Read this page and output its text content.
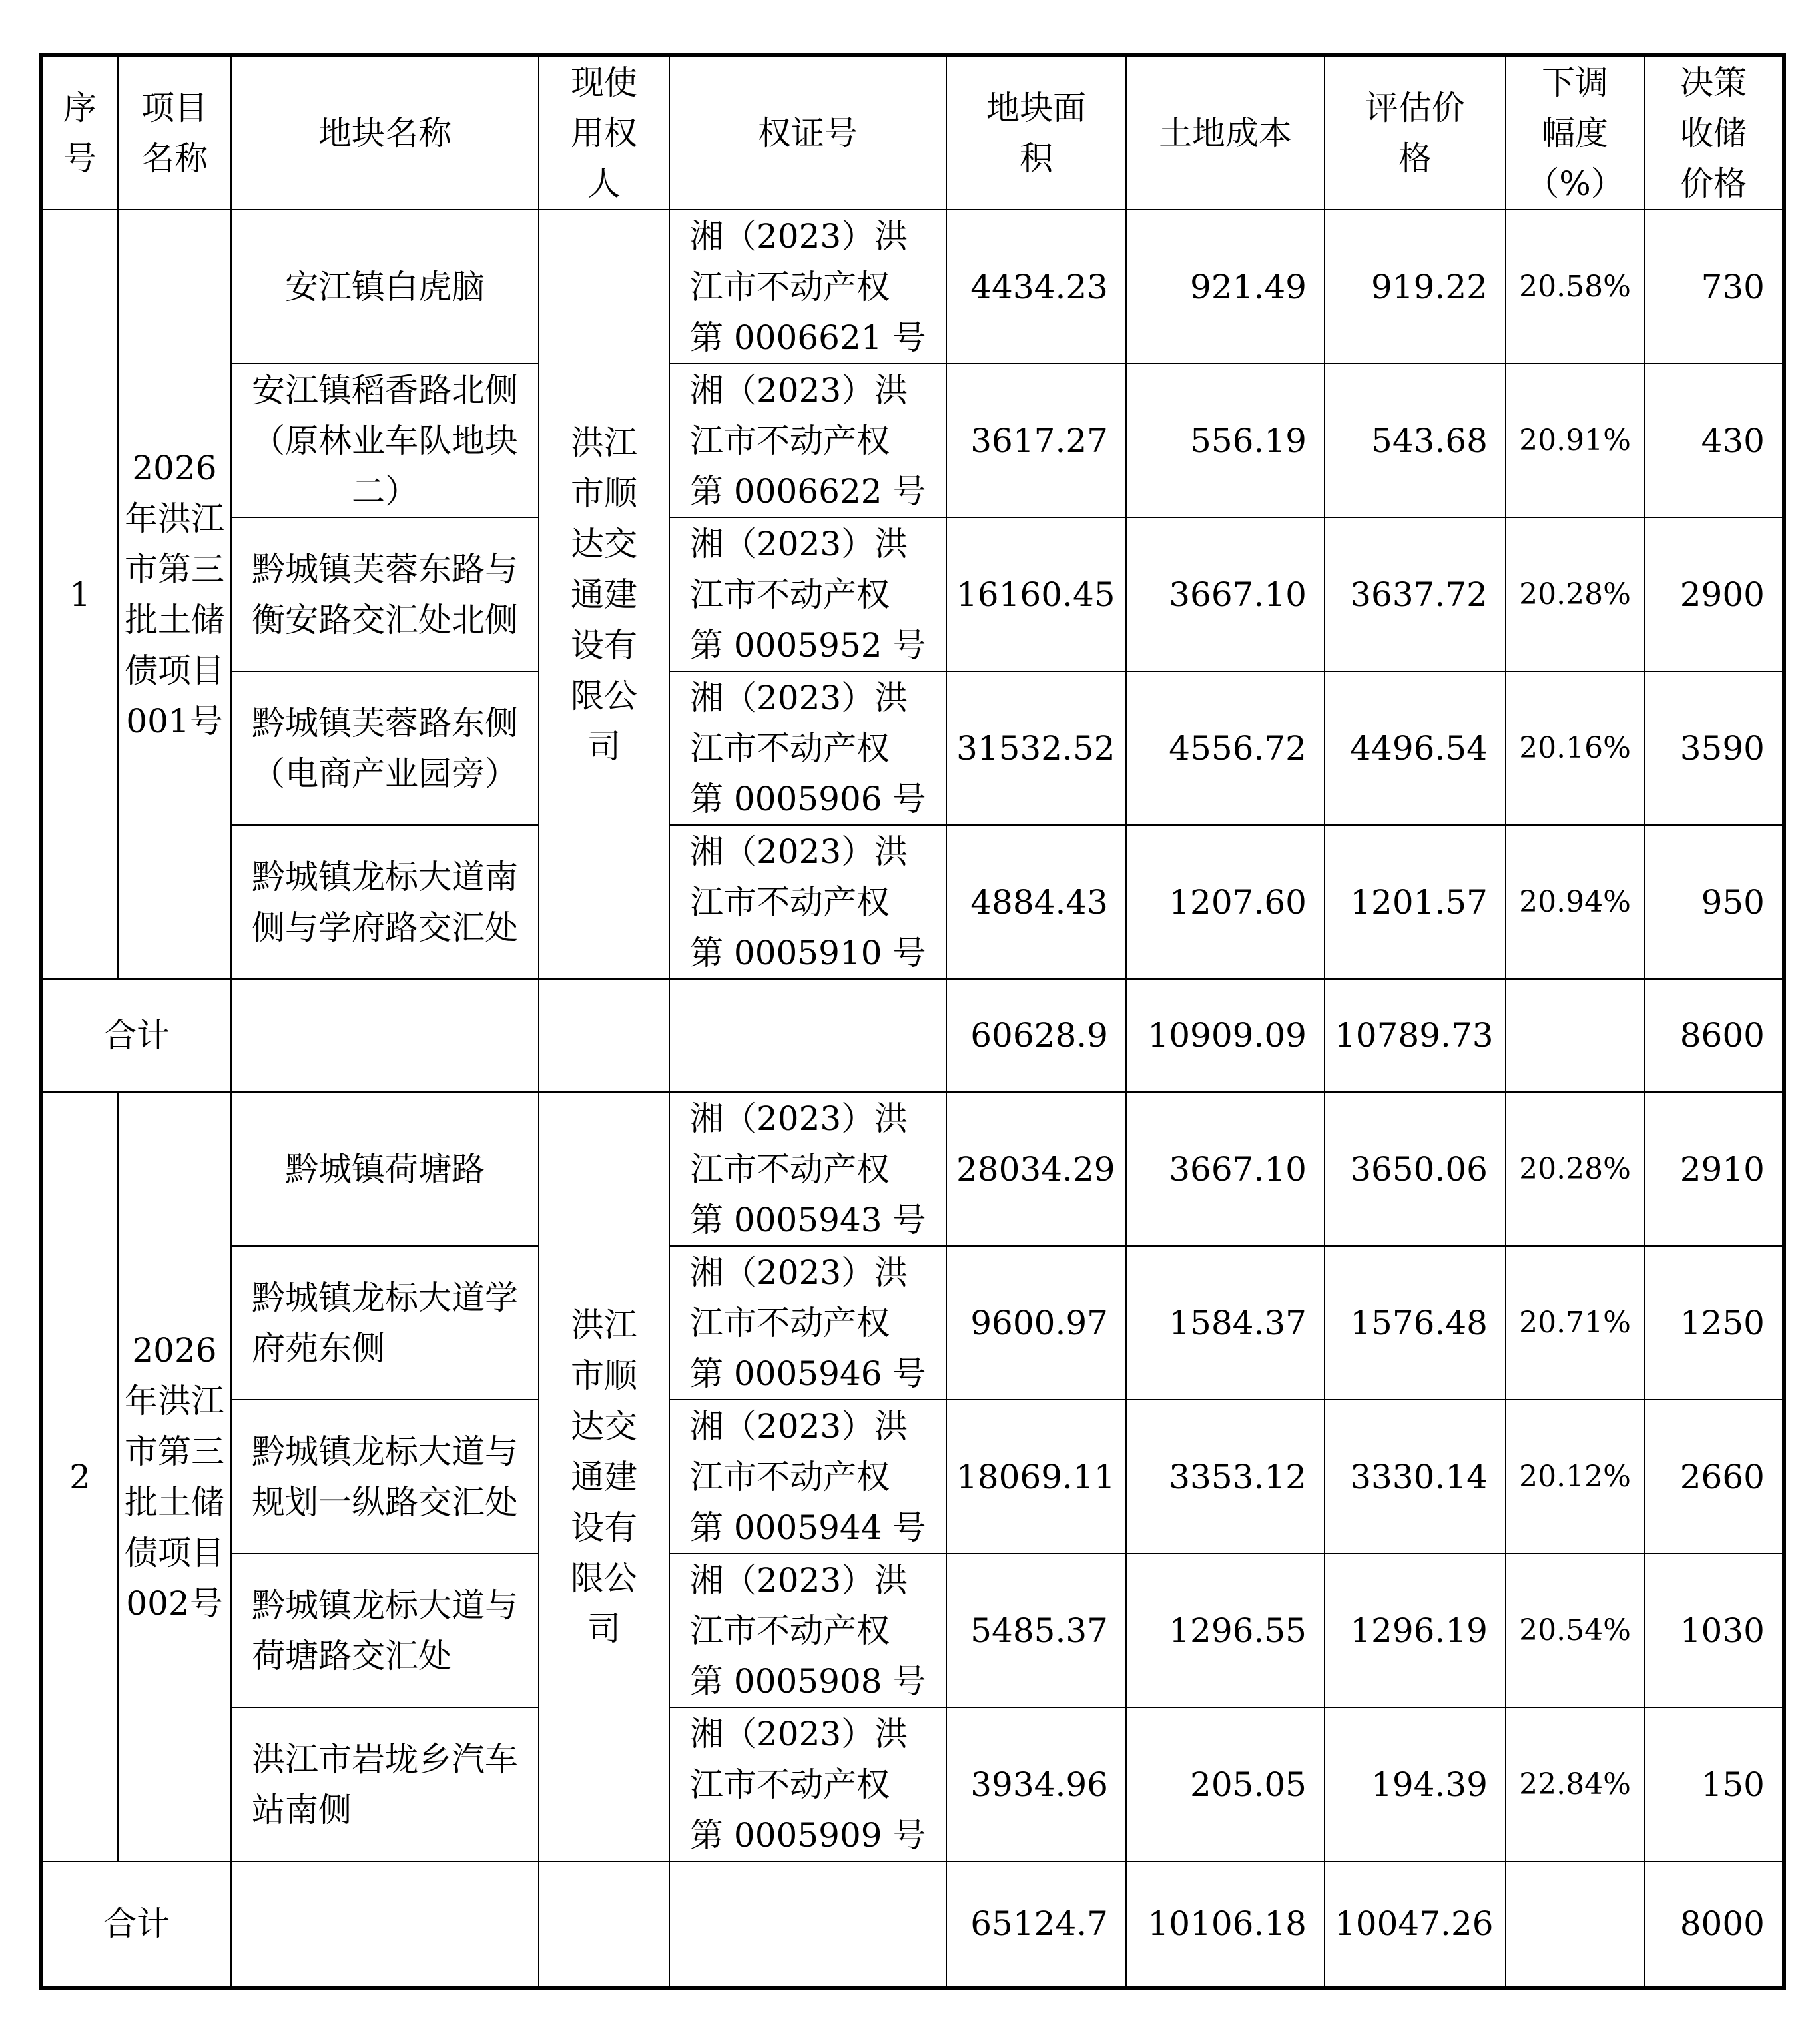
序
号	项目
名称	地块名称	现使
用权
人	权证号	地块面
积	土地成本	评估价
格	下调
幅度
（%）	决策
收储
价格

1	2026年洪江市第三批土储债项目001号	安江镇白虎脑	洪江市顺达交通建设有限公司	湘（2023）洪
江市不动产权
第 0006621 号	4434.23	921.49	919.22	20.58%	730
		安江镇稻香路北侧（原林业车队地块二）		湘（2023）洪
江市不动产权
第 0006622 号	3617.27	556.19	543.68	20.91%	430
		黔城镇芙蓉东路与衡安路交汇处北侧		湘（2023）洪
江市不动产权
第 0005952 号	16160.45	3667.10	3637.72	20.28%	2900
		黔城镇芙蓉路东侧（电商产业园旁）		湘（2023）洪
江市不动产权
第 0005906 号	31532.52	4556.72	4496.54	20.16%	3590
		黔城镇龙标大道南侧与学府路交汇处		湘（2023）洪
江市不动产权
第 0005910 号	4884.43	1207.60	1201.57	20.94%	950
合计					60628.9	10909.09	10789.73		8600
2	2026年洪江市第三批土储债项目002号	黔城镇荷塘路	洪江市顺达交通建设有限公司	湘（2023）洪
江市不动产权
第 0005943 号	28034.29	3667.10	3650.06	20.28%	2910
		黔城镇龙标大道学府苑东侧		湘（2023）洪
江市不动产权
第 0005946 号	9600.97	1584.37	1576.48	20.71%	1250
		黔城镇龙标大道与规划一纵路交汇处		湘（2023）洪
江市不动产权
第 0005944 号	18069.11	3353.12	3330.14	20.12%	2660
		黔城镇龙标大道与荷塘路交汇处		湘（2023）洪
江市不动产权
第 0005908 号	5485.37	1296.55	1296.19	20.54%	1030
		洪江市岩垅乡汽车站南侧		湘（2023）洪
江市不动产权
第 0005909 号	3934.96	205.05	194.39	22.84%	150
合计					65124.7	10106.18	10047.26		8000
